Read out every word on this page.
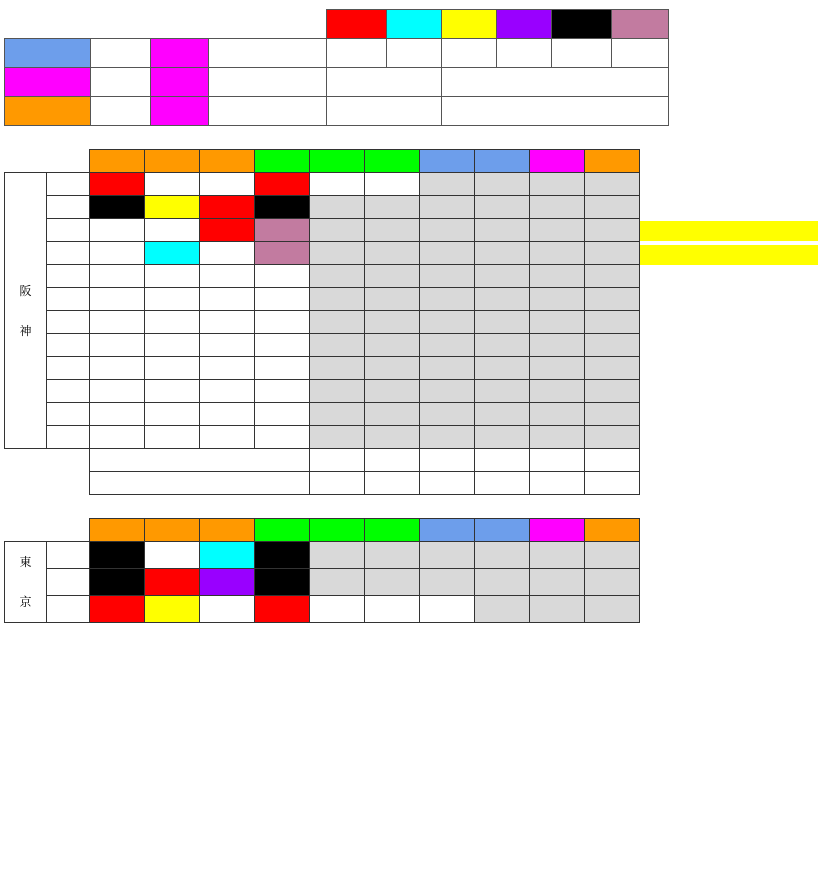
阪
神											

東
京											
